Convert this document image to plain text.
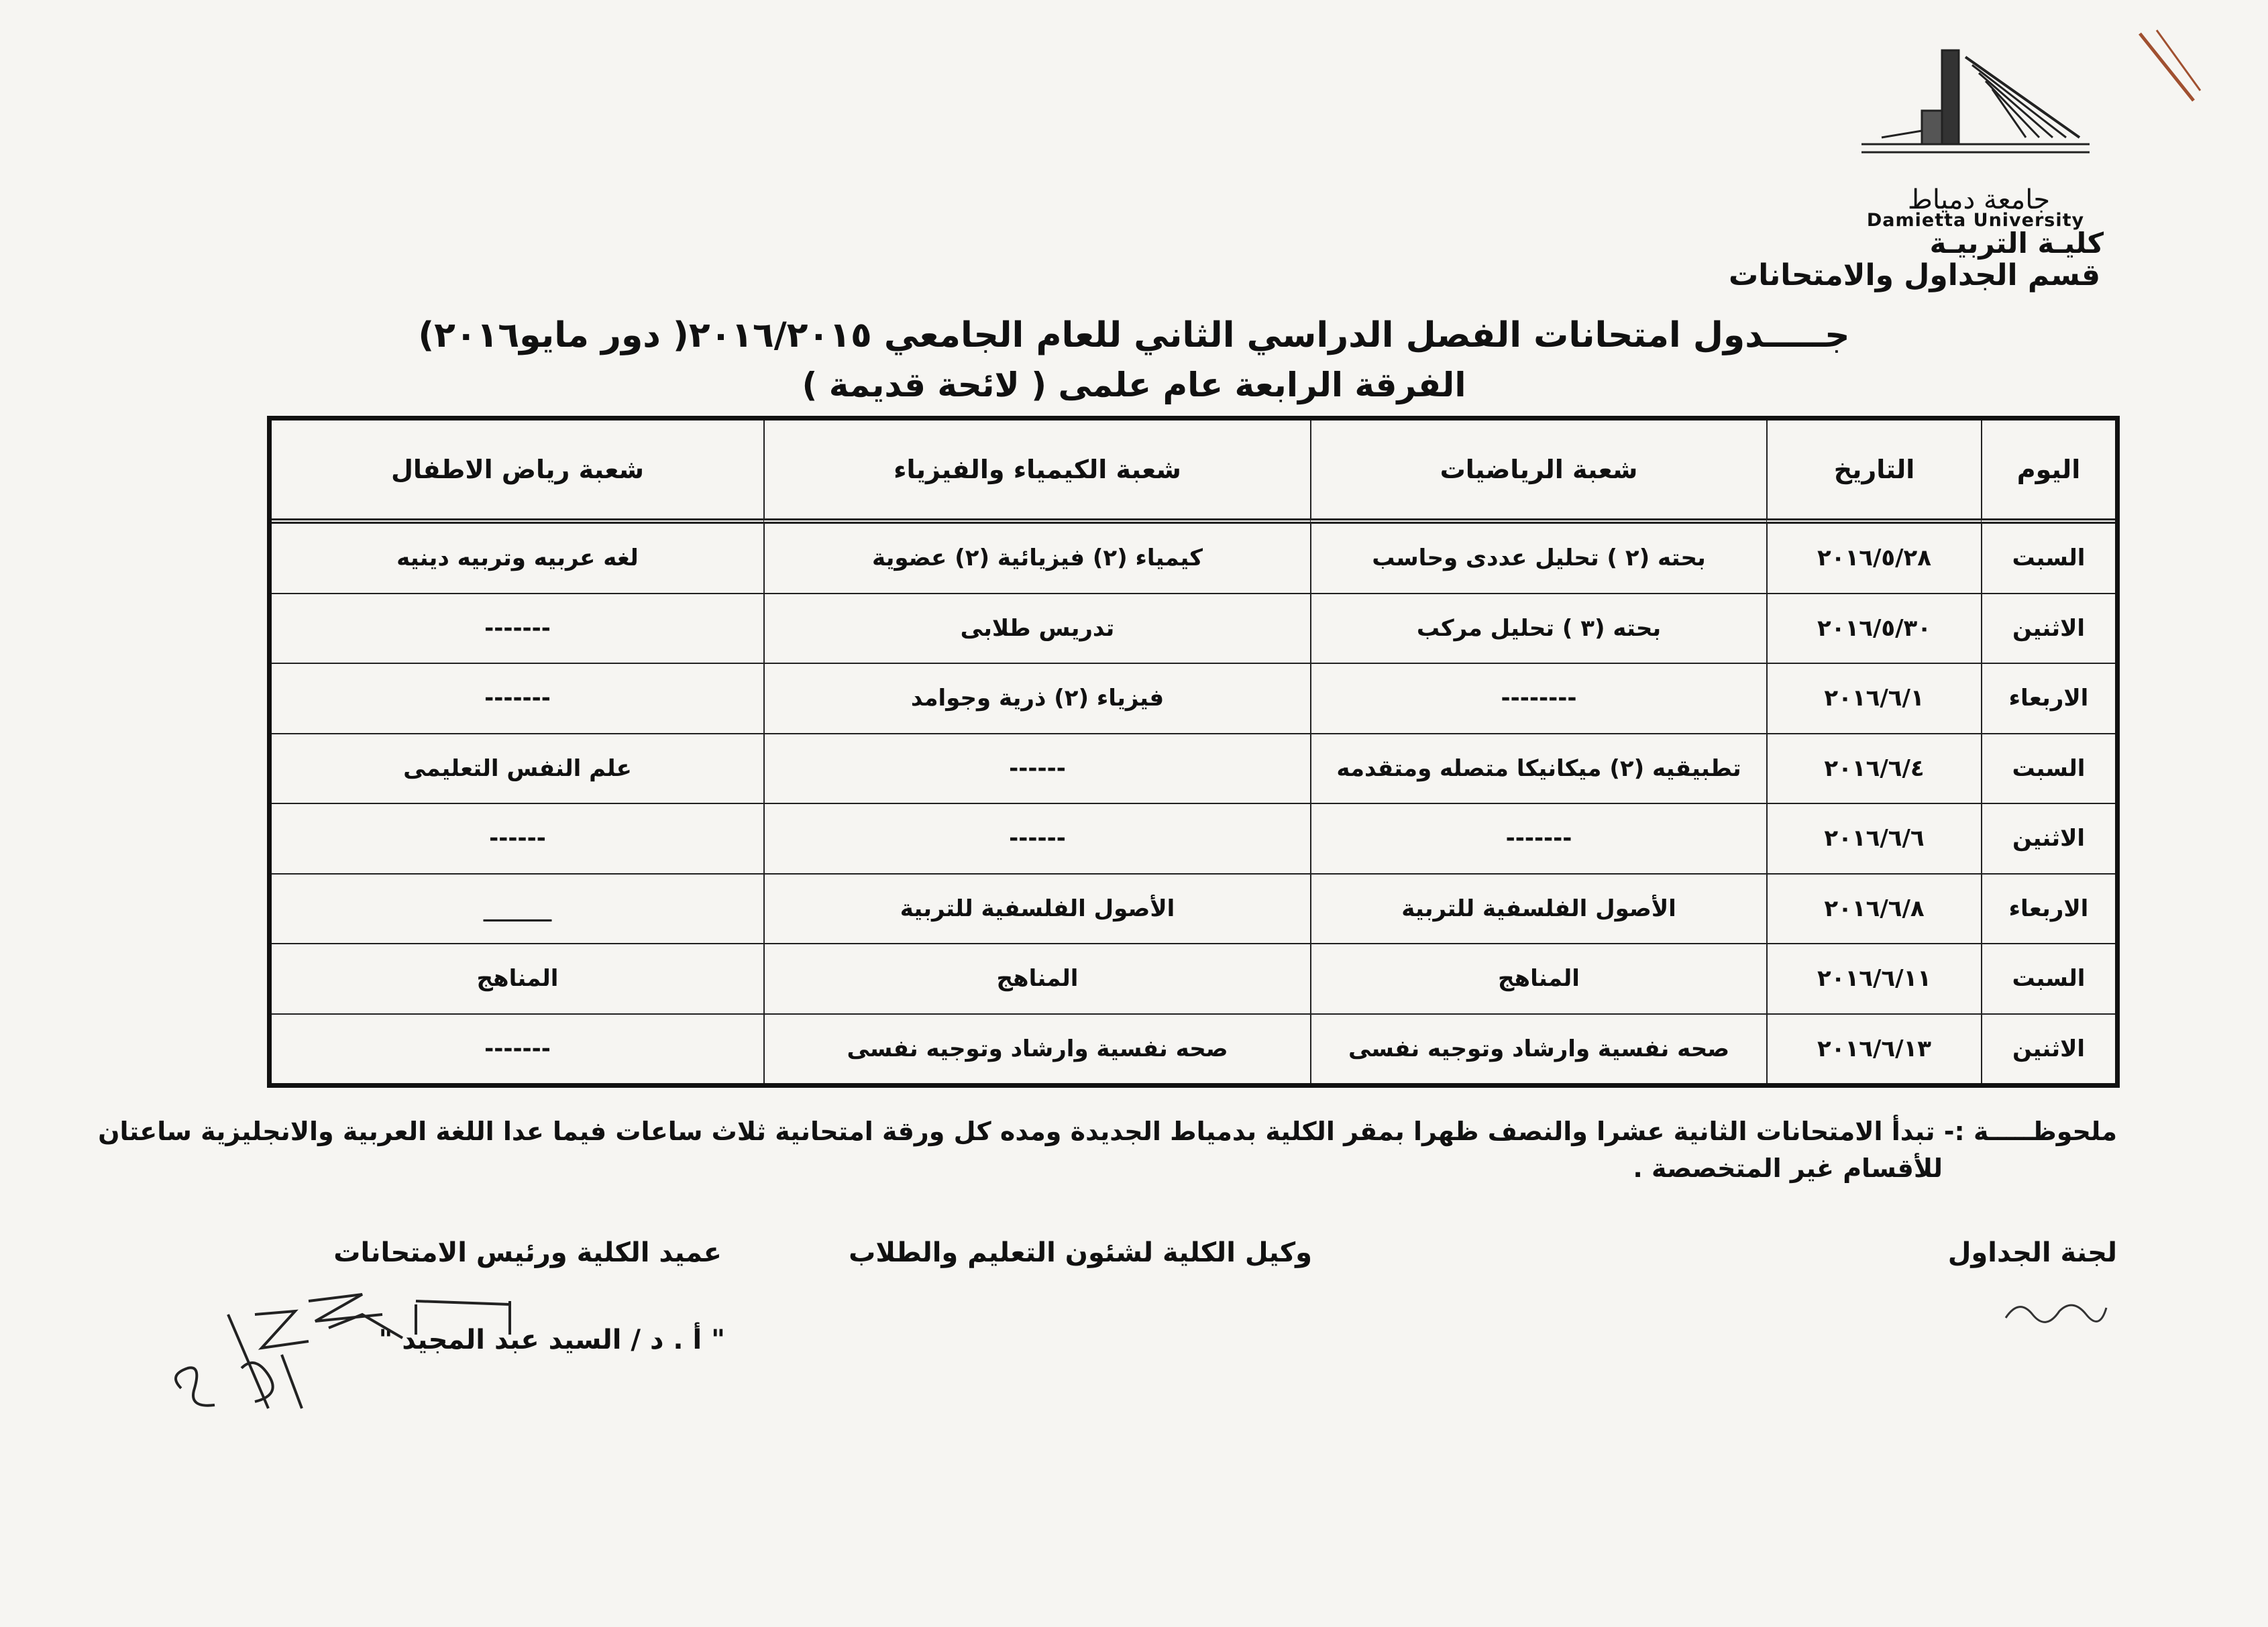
جامعة دمياط
Damietta University
كليـة التربيـة
قسم الجداول والامتحانات
جـــــدول امتحانات الفصل الدراسي الثاني للعام الجامعي ٢٠١٦/٢٠١٥( دور مايو٢٠١٦)
الفرقة الرابعة عام علمى ( لائحة قديمة )
اليوم	التاريخ	شعبة الرياضيات	شعبة الكيمياء والفيزياء	شعبة رياض الاطفال
السبت	٢٠١٦/٥/٢٨	بحته (٢ ) تحليل عددى وحاسب	كيمياء (٢) فيزيائية (٢) عضوية	لغه عربيه وتربيه دينيه
الاثنين	٢٠١٦/٥/٣٠	بحته (٣ ) تحليل مركب	تدريس طلابى	-------
الاربعاء	٢٠١٦/٦/١	--------	فيزياء (٢) ذرية وجوامد	-------
السبت	٢٠١٦/٦/٤	تطبيقيه (٢) ميكانيكا متصله ومتقدمه	------	علم النفس التعليمى
الاثنين	٢٠١٦/٦/٦	-------	------	------
الاربعاء	٢٠١٦/٦/٨	الأصول الفلسفية للتربية	الأصول الفلسفية للتربية	______
السبت	٢٠١٦/٦/١١	المناهج	المناهج	المناهج
الاثنين	٢٠١٦/٦/١٣	صحه نفسية وارشاد وتوجيه نفسى	صحه نفسية وارشاد وتوجيه نفسى	-------
ملحوظـــــة :- تبدأ الامتحانات الثانية عشرا والنصف ظهرا بمقر الكلية بدمياط الجديدة ومده كل ورقة امتحانية ثلاث ساعات فيما عدا اللغة العربية والانجليزية ساعتان
للأقسام غير المتخصصة .
لجنة الجداول
وكيل الكلية لشئون التعليم والطلاب
عميد الكلية ورئيس الامتحانات
" أ . د / السيد عبد المجيد "
